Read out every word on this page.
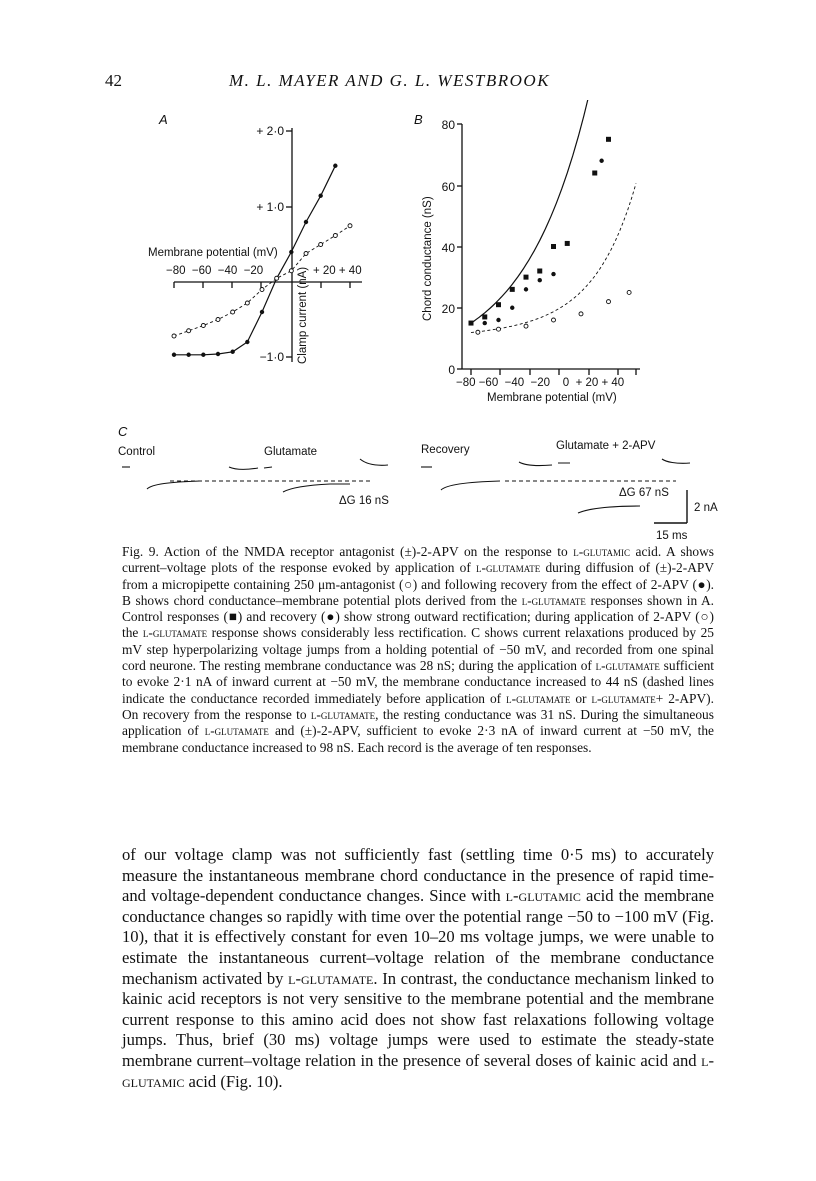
42	M. L. MAYER AND G. L. WESTBROOK
A
+ 2·0
+ 1·0
−1·0
Membrane potential (mV)
−80  −60  −40  −20	+ 20 + 40
Clamp current (nA)
B 80
60
40
20
0
Chord conductance (nS)
−80 −60  −40  −20    0  + 20 + 40
Membrane potential (mV)
C
Control	Glutamate	Recovery	Glutamate + 2-APV
ΔG 16 nS
ΔG 67 nS
2 nA
15 ms
Fig. 9. Action of the NMDA receptor antagonist (±)-2-APV on the response to l-glutamic acid. A shows current–voltage plots of the response evoked by application of l-glutamate during diffusion of (±)-2-APV from a micropipette containing 250 μm-antagonist (○) and following recovery from the effect of 2-APV (●). B shows chord conductance–membrane potential plots derived from the l-glutamate responses shown in A. Control responses (■) and recovery (●) show strong outward rectification; during application of 2-APV (○) the l-glutamate response shows considerably less rectification. C shows current relaxations produced by 25 mV step hyperpolarizing voltage jumps from a holding potential of −50 mV, and recorded from one spinal cord neurone. The resting membrane conductance was 28 nS; during the application of l-glutamate sufficient to evoke 2·1 nA of inward current at −50 mV, the membrane conductance increased to 44 nS (dashed lines indicate the conductance recorded immediately before application of l-glutamate or l-glutamate+ 2-APV). On recovery from the response to l-glutamate, the resting conductance was 31 nS. During the simultaneous application of l-glutamate and (±)-2-APV, sufficient to evoke 2·3 nA of inward current at −50 mV, the membrane conductance increased to 98 nS. Each record is the average of ten responses.
of our voltage clamp was not sufficiently fast (settling time 0·5 ms) to accurately measure the instantaneous membrane chord conductance in the presence of rapid time- and voltage-dependent conductance changes. Since with l-glutamic acid the membrane conductance changes so rapidly with time over the potential range −50 to −100 mV (Fig. 10), that it is effectively constant for even 10–20 ms voltage jumps, we were unable to estimate the instantaneous current–voltage relation of the membrane conductance mechanism activated by l-glutamate. In contrast, the conductance mechanism linked to kainic acid receptors is not very sensitive to the membrane potential and the membrane current response to this amino acid does not show fast relaxations following voltage jumps. Thus, brief (30 ms) voltage jumps were used to estimate the steady-state membrane current–voltage relation in the presence of several doses of kainic acid and l-glutamic acid (Fig. 10).
